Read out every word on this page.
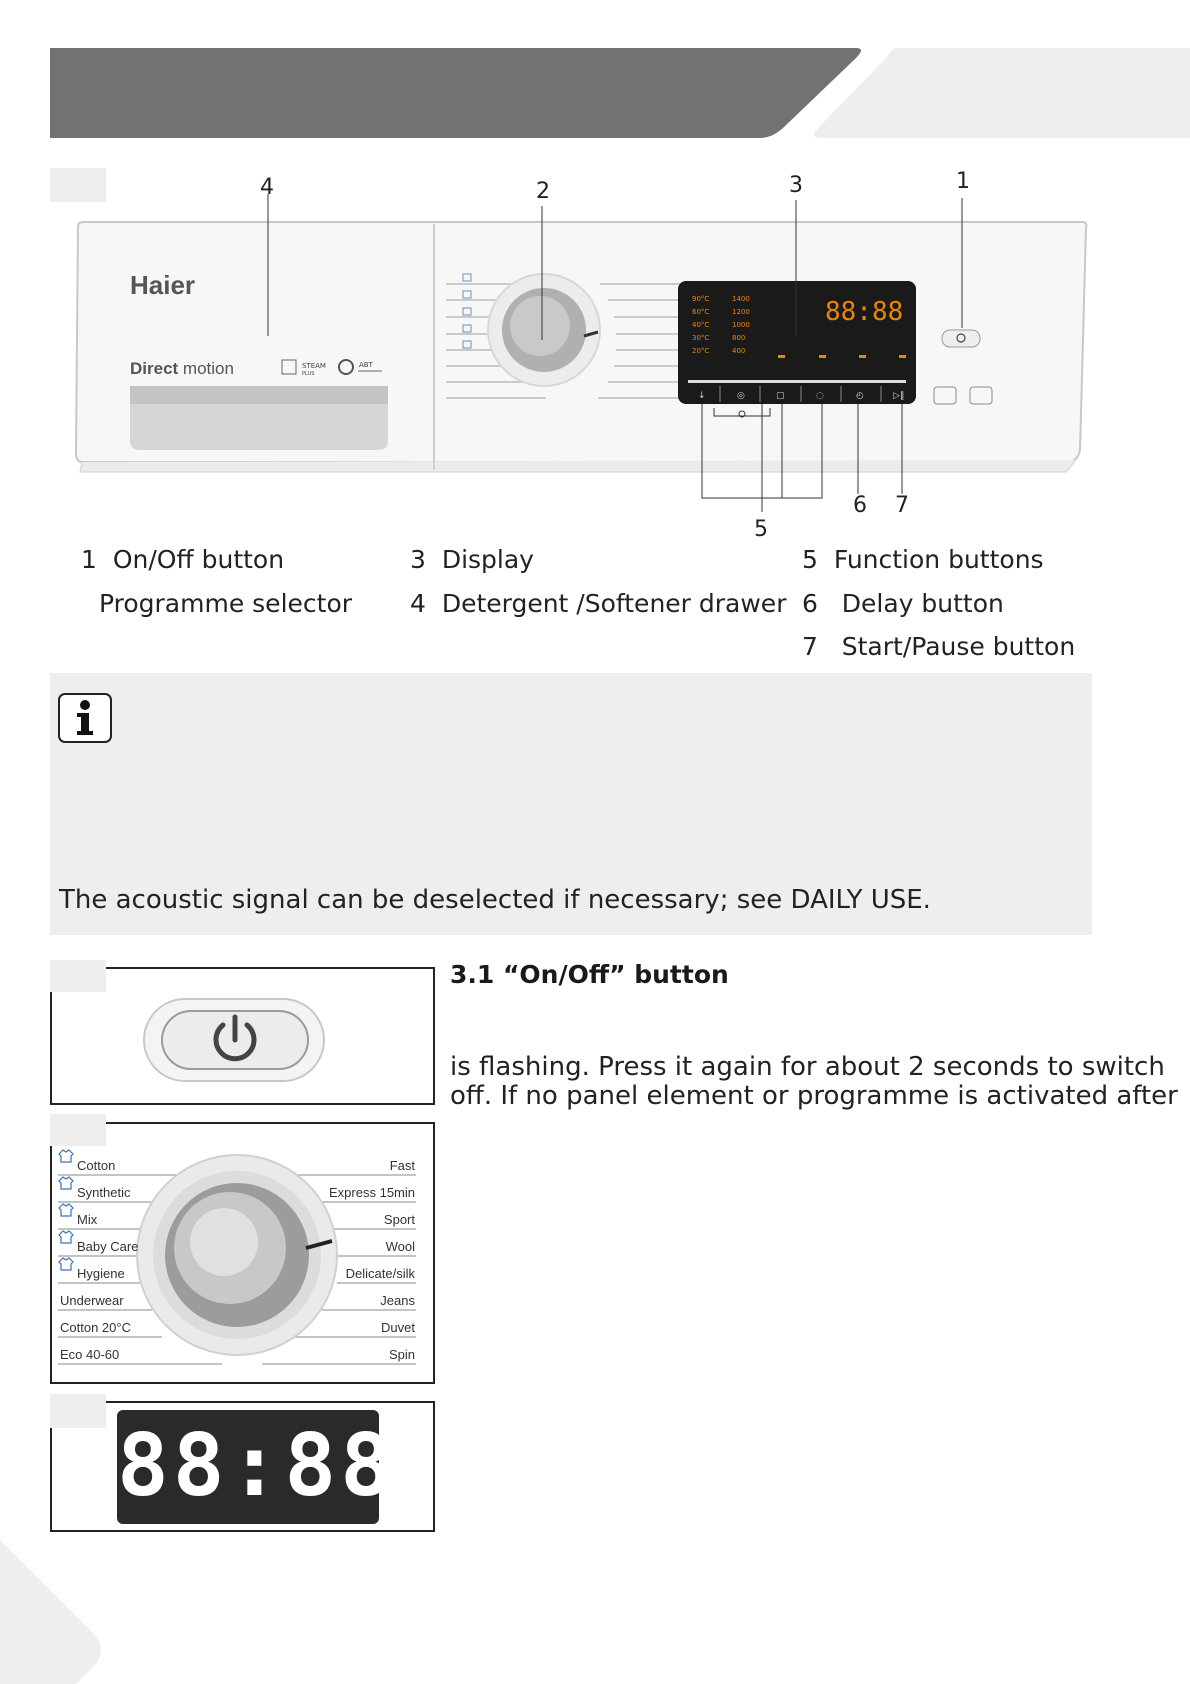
Haier
Direct motion	STEAM
PLUS
ABT
90°C
60°C
40°C
30°C
20°C
1400
1200
1000
800
400
88:88
↓	◎	▢	◌	◴	▷‖
4	2	3	1
6 7
5
1 On/Off button
Programme selector
3 Display
4 Detergent /Softener drawer
5 Function buttons
6 Delay button
7 Start/Pause button
The acoustic signal can be deselected if necessary; see DAILY USE.
3.1 “On/Off” button
is flashing. Press it again for about 2 seconds to switch
off. If no panel element or programme is activated after
Cotton
Synthetic
Mix
Baby Care
Hygiene
Underwear
Cotton 20°C
Eco 40-60
Fast
Express 15min
Sport
Wool
Delicate/silk
Jeans
Duvet
Spin
88:88
